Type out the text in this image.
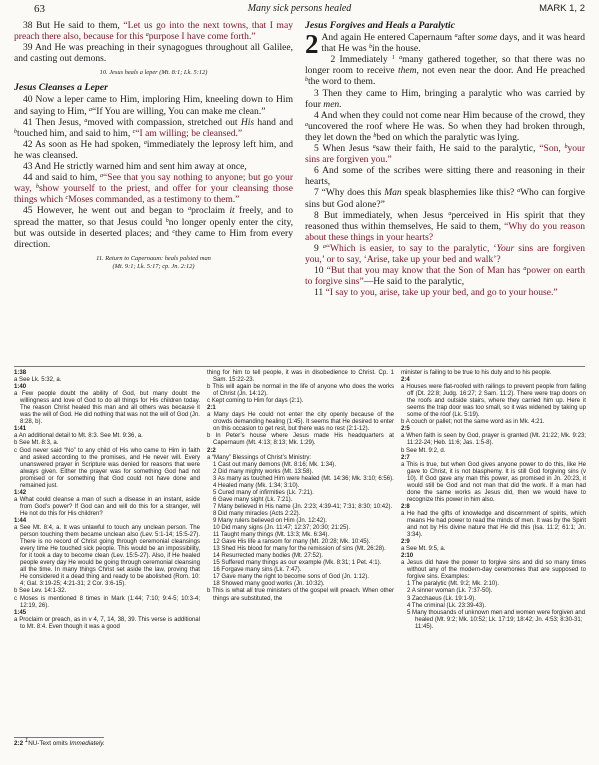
63	Many sick persons healed	MARK 1, 2

38 But He said to them, “Let us go into the next towns, that I may preach there also, because for this $^a$purpose I have come forth.”

39 And He was preaching in their synagogues throughout all Galilee, and casting out demons.

10. Jesus heals a leper (Mt. 8:1; Lk. 5:12)
Jesus Cleanses a Leper

40 Now a leper came to Him, imploring Him, kneeling down to Him and saying to Him, $^a$“If You are willing, You can make me clean.”

41 Then Jesus, $^a$moved with compassion, stretched out His hand and $^b$touched him, and said to him, $^c$“I am willing; be cleansed.”

42 As soon as He had spoken, $^a$immediately the leprosy left him, and he was cleansed.

43 And He strictly warned him and sent him away at once,

44 and said to him, $^a$“See that you say nothing to anyone; but go your way, $^b$show yourself to the priest, and offer for your cleansing those things which $^c$Moses commanded, as a testimony to them.”

45 However, he went out and began to $^a$proclaim it freely, and to spread the matter, so that Jesus could $^b$no longer openly enter the city, but was outside in deserted places; and $^c$they came to Him from every direction.

11. Return to Capernaum: heals palsied man
(Mt. 9:1; Lk. 5:17; cp. Jn. 2:12)
Jesus Forgives and Heals a Paralytic

2 And again He entered Capernaum $^a$after some days, and it was heard that He was $^b$in the house.

2 Immediately $^1$ $^a$many gathered together, so that there was no longer room to receive them, not even near the door. And He preached $^b$the word to them.

3 Then they came to Him, bringing a paralytic who was carried by four men.

4 And when they could not come near Him because of the crowd, they $^a$uncovered the roof where He was. So when they had broken through, they let down the $^b$bed on which the paralytic was lying.

5 When Jesus $^a$saw their faith, He said to the paralytic, “Son, $^b$your sins are forgiven you.”

6 And some of the scribes were sitting there and reasoning in their hearts,

7 “Why does this Man speak blasphemies like this? $^a$Who can forgive sins but God alone?”

8 But immediately, when Jesus $^a$perceived in His spirit that they reasoned thus within themselves, He said to them, “Why do you reason about these things in your hearts?

9 $^a$“Which is easier, to say to the paralytic, ‘Your sins are forgiven you,’ or to say, ‘Arise, take up your bed and walk’?

10 “But that you may know that the Son of Man has $^a$power on earth to forgive sins”—He said to the paralytic,

11 “I say to you, arise, take up your bed, and go to your house.”

1:38
a See Lk. 5:32, a.
1:40
a Few people doubt the ability of God, but many doubt the willingness and love of God to do all things for His children today. The reason Christ healed this man and all others was because it was the will of God. He did nothing that was not the will of God (Jn. 8:28, b).
1:41
a An additional detail to Mt. 8:3. See Mt. 9:36, a.
b See Mt. 8:3, a.
c God never said “No” to any child of His who came to Him in faith and asked according to the promises, and He never will. Every unanswered prayer in Scripture was denied for reasons that were always given. Either the prayer was for something God had not promised or for something that God could not have done and remained just.
1:42
a What could cleanse a man of such a disease in an instant, aside from God’s power? If God can and will do this for a stranger, will He not do this for His children?
1:44
a See Mt. 8:4, a. It was unlawful to touch any unclean person. The person touching them became unclean also (Lev. 5:1-14; 15:5-27). There is no record of Christ going through ceremonial cleansings every time He touched sick people. This would be an impossibility, for it took a day to become clean (Lev. 15:5-27). Also, if He healed people every day He would be going through ceremonial cleansing all the time. In many things Christ set aside the law, proving that He considered it a dead thing and ready to be abolished (Rom. 10: 4; Gal. 3:19-25; 4:21-31; 2 Cor. 3:6-15).
b See Lev. 14:1-32.
c Moses is mentioned 8 times in Mark (1:44; 7:10; 9:4-5; 10:3-4; 12:19, 26).
1:45
a Proclaim or preach, as in v 4, 7, 14, 38, 39. This verse is additional to Mt. 8:4. Even though it was a good
thing for him to tell people, it was in disobedience to Christ. Cp. 1 Sam. 15:22-23.
b This will again be normal in the life of anyone who does the works of Christ (Jn. 14:12).
c Kept coming to Him for days (2:1).
2:1
a Many days He could not enter the city openly because of the crowds demanding healing (1:45). It seems that He desired to enter on this occasion to get rest, but there was no rest (2:1-12).
b In Peter’s house where Jesus made His headquarters at Capernaum (Mt. 4:13; 8:13; Mk. 1:29).
2:2
a “Many” Blessings of Christ’s Ministry:
1 Cast out many demons (Mt. 8:16; Mk. 1:34).
2 Did many mighty works (Mt. 13:58).
3 As many as touched Him were healed (Mt. 14:36; Mk. 3:10; 6:56).
4 Healed many (Mk. 1:34; 3:10).
5 Cured many of infirmities (Lk. 7:21).
6 Gave many sight (Lk. 7:21).
7 Many believed in His name (Jn. 2:23; 4:39-41; 7:31; 8:30; 10:42).
8 Did many miracles (Acts 2:22).
9 Many rulers believed on Him (Jn. 12:42).
10 Did many signs (Jn. 11:47; 12:37; 20:30; 21:25).
11 Taught many things (Mt. 13:3; Mk. 6:34).
12 Gave His life a ransom for many (Mt. 20:28; Mk. 10:45).
13 Shed His blood for many for the remission of sins (Mt. 26:28).
14 Resurrected many bodies (Mt. 27:52).
15 Suffered many things as our example (Mk. 8:31; 1 Pet. 4:1).
16 Forgave many sins (Lk. 7:47).
17 Gave many the right to become sons of God (Jn. 1:12).
18 Showed many good works (Jn. 10:32).
b This is what all true ministers of the gospel will preach. When other things are substituted, the
minister is failing to be true to his duty and to his people.
2:4
a Houses were flat-roofed with railings to prevent people from falling off (Dt. 22:8; Judg. 16:27; 2 Sam. 11:2). There were trap doors on the roofs and outside stairs, where they carried him up. Here it seems the trap door was too small, so it was widened by taking up some of the roof (Lk. 5:19).
b A couch or pallet; not the same word as in Mk. 4:21.
2:5
a When faith is seen by God, prayer is granted (Mt. 21:22; Mk. 9:23; 11:22-24; Heb. 11:6; Jas. 1:5-8).
b See Mt. 9:2, d.
2:7
a This is true, but when God gives anyone power to do this, like He gave to Christ, it is not blasphemy. It is still God forgiving sins (v 10). If God gave any man this power, as promised in Jn. 20:23, it would still be God and not man that did the work. If a man had done the same works as Jesus did, then we would have to recognize this power in him also.
2:8
a He had the gifts of knowledge and discernment of spirits, which means He had power to read the minds of men. It was by the Spirit and not by His divine nature that He did this (Isa. 11:2; 61:1; Jn. 3:34).
2:9
a See Mt. 9:5, a.
2:10
a Jesus did have the power to forgive sins and did so many times without any of the modern-day ceremonies that are supposed to forgive sins. Examples:
1 The paralytic (Mt. 9:2; Mk. 2:10).
2 A sinner woman (Lk. 7:37-50).
3 Zacchaeus (Lk. 19:1-9).
4 The criminal (Lk. 23:39-43).
5 Many thousands of unknown men and women were forgiven and healed (Mt. 9:2; Mk. 10:52; Lk. 17:19; 18:42; Jn. 4:53; 8:30-31; 11:45).
2:2 $^1$NU-Text omits Immediately.
